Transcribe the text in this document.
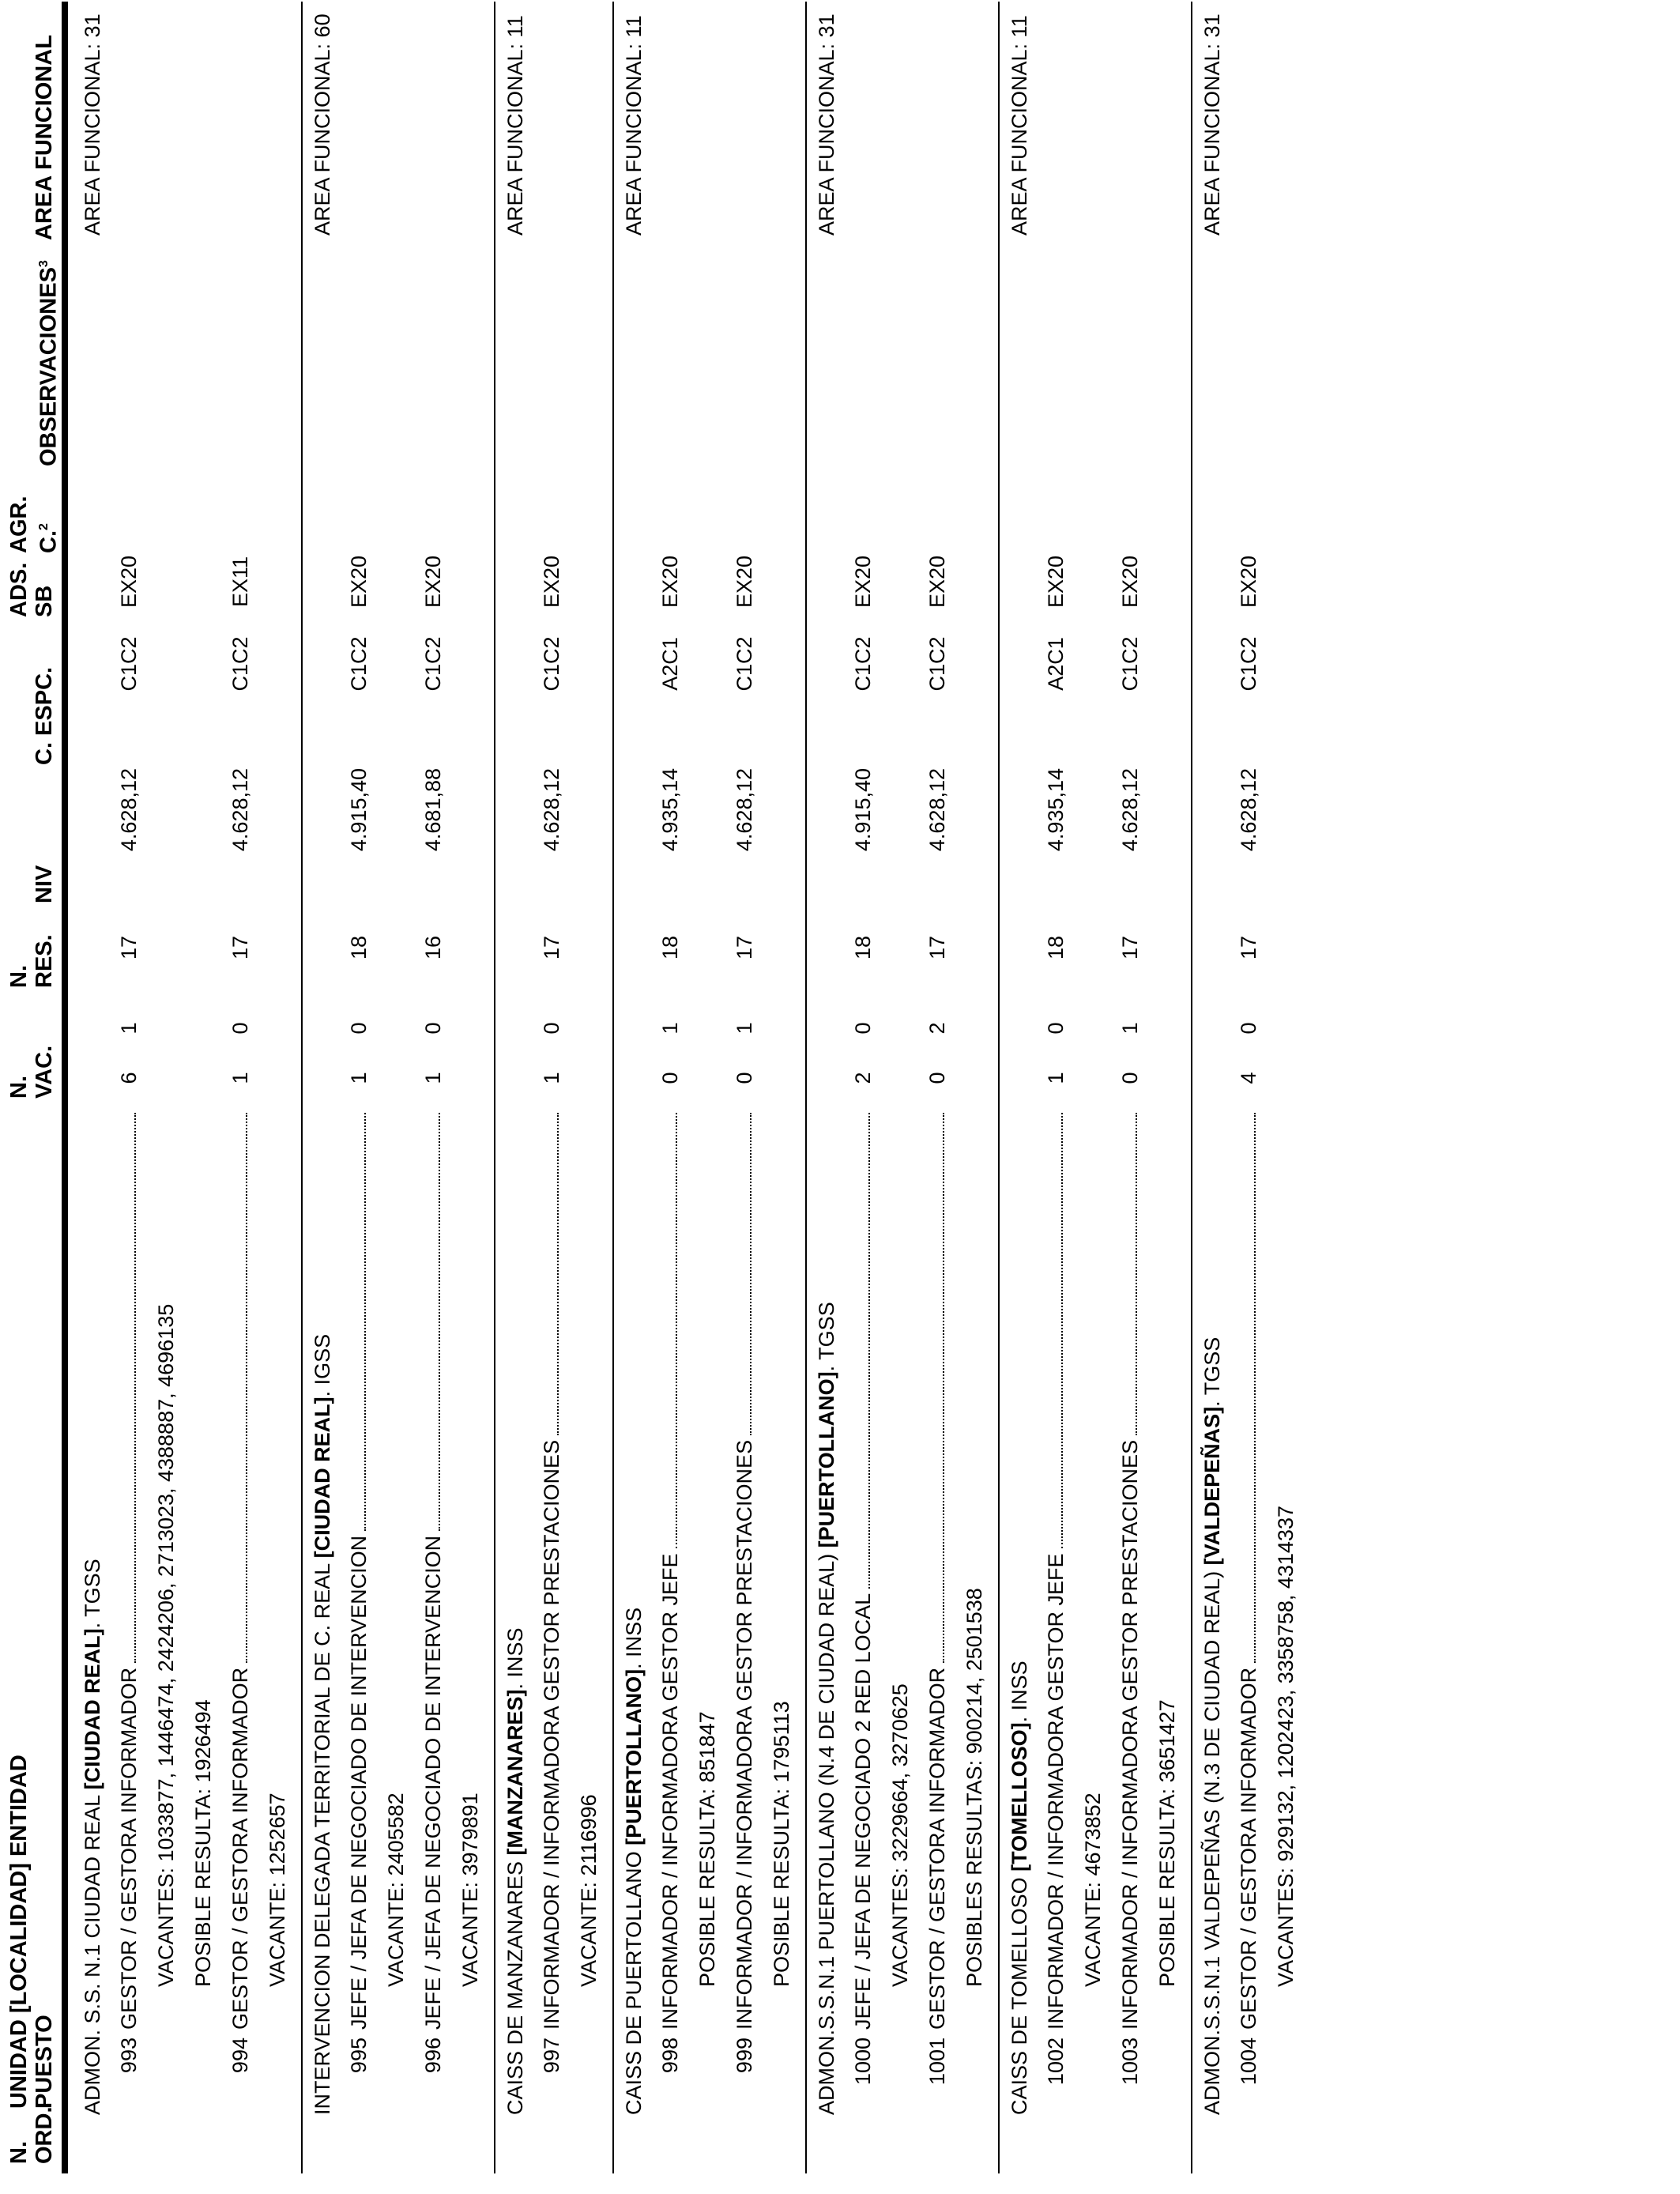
N. ORD.
UNIDAD [LOCALIDAD] ENTIDAD PUESTO
N. VAC.
N. RES.
NIV
C. ESPC.
ADS. SB
AGR. C.$^2$
OBSERVACIONES$^3$
AREA FUNCIONAL
ADMON. S.S. N.1 CIUDAD REAL [CIUDAD REAL]. TGSS
AREA FUNCIONAL: 31
993
GESTOR / GESTORA INFORMADOR
6
1
17
4.628,12
C1C2
EX20
VACANTES: 1033877, 1446474, 2424206, 2713023, 4388887, 4696135 POSIBLE RESULTA: 1926494
994
GESTOR / GESTORA INFORMADOR
1
0
17
4.628,12
C1C2
EX11
VACANTE: 1252657 INTERVENCION DELEGADA TERRITORIAL DE C. REAL [CIUDAD REAL]. IGSS
AREA FUNCIONAL: 60
995
JEFE / JEFA DE NEGOCIADO DE INTERVENCION
1
0
18
4.915,40
C1C2
EX20
VACANTE: 2405582
996
JEFE / JEFA DE NEGOCIADO DE INTERVENCION
1
0
16
4.681,88
C1C2
EX20
VACANTE: 3979891 CAISS DE MANZANARES [MANZANARES]. INSS
AREA FUNCIONAL: 11
997
INFORMADOR / INFORMADORA GESTOR PRESTACIONES
1
0
17
4.628,12
C1C2
EX20
VACANTE: 2116996 CAISS DE PUERTOLLANO [PUERTOLLANO]. INSS
AREA FUNCIONAL: 11
998
INFORMADOR / INFORMADORA GESTOR JEFE
0
1
18
4.935,14
A2C1
EX20
POSIBLE RESULTA: 851847
999
INFORMADOR / INFORMADORA GESTOR PRESTACIONES
0
1
17
4.628,12
C1C2
EX20
POSIBLE RESULTA: 1795113 ADMON.S.S.N.1 PUERTOLLANO (N.4 DE CIUDAD REAL) [PUERTOLLANO]. TGSS
AREA FUNCIONAL: 31
1000
JEFE / JEFA DE NEGOCIADO 2 RED LOCAL
2
0
18
4.915,40
C1C2
EX20
VACANTES: 3229664, 3270625
1001
GESTOR / GESTORA INFORMADOR
0
2
17
4.628,12
C1C2
EX20
POSIBLES RESULTAS: 900214, 2501538
CAISS DE TOMELLOSO [TOMELLOSO]. INSS
AREA FUNCIONAL: 11
1002
INFORMADOR / INFORMADORA GESTOR JEFE
1
0
18
4.935,14
A2C1
EX20
VACANTE: 4673852
1003
INFORMADOR / INFORMADORA GESTOR PRESTACIONES
0
1
17
4.628,12
C1C2
EX20
POSIBLE RESULTA: 3651427 ADMON.S.S.N.1 VALDEPEÑAS (N.3 DE CIUDAD REAL) [VALDEPEÑAS]. TGSS
AREA FUNCIONAL: 31
1004
GESTOR / GESTORA INFORMADOR
4
0
17
4.628,12
C1C2
EX20
VACANTES: 929132, 1202423, 3358758, 4314337
